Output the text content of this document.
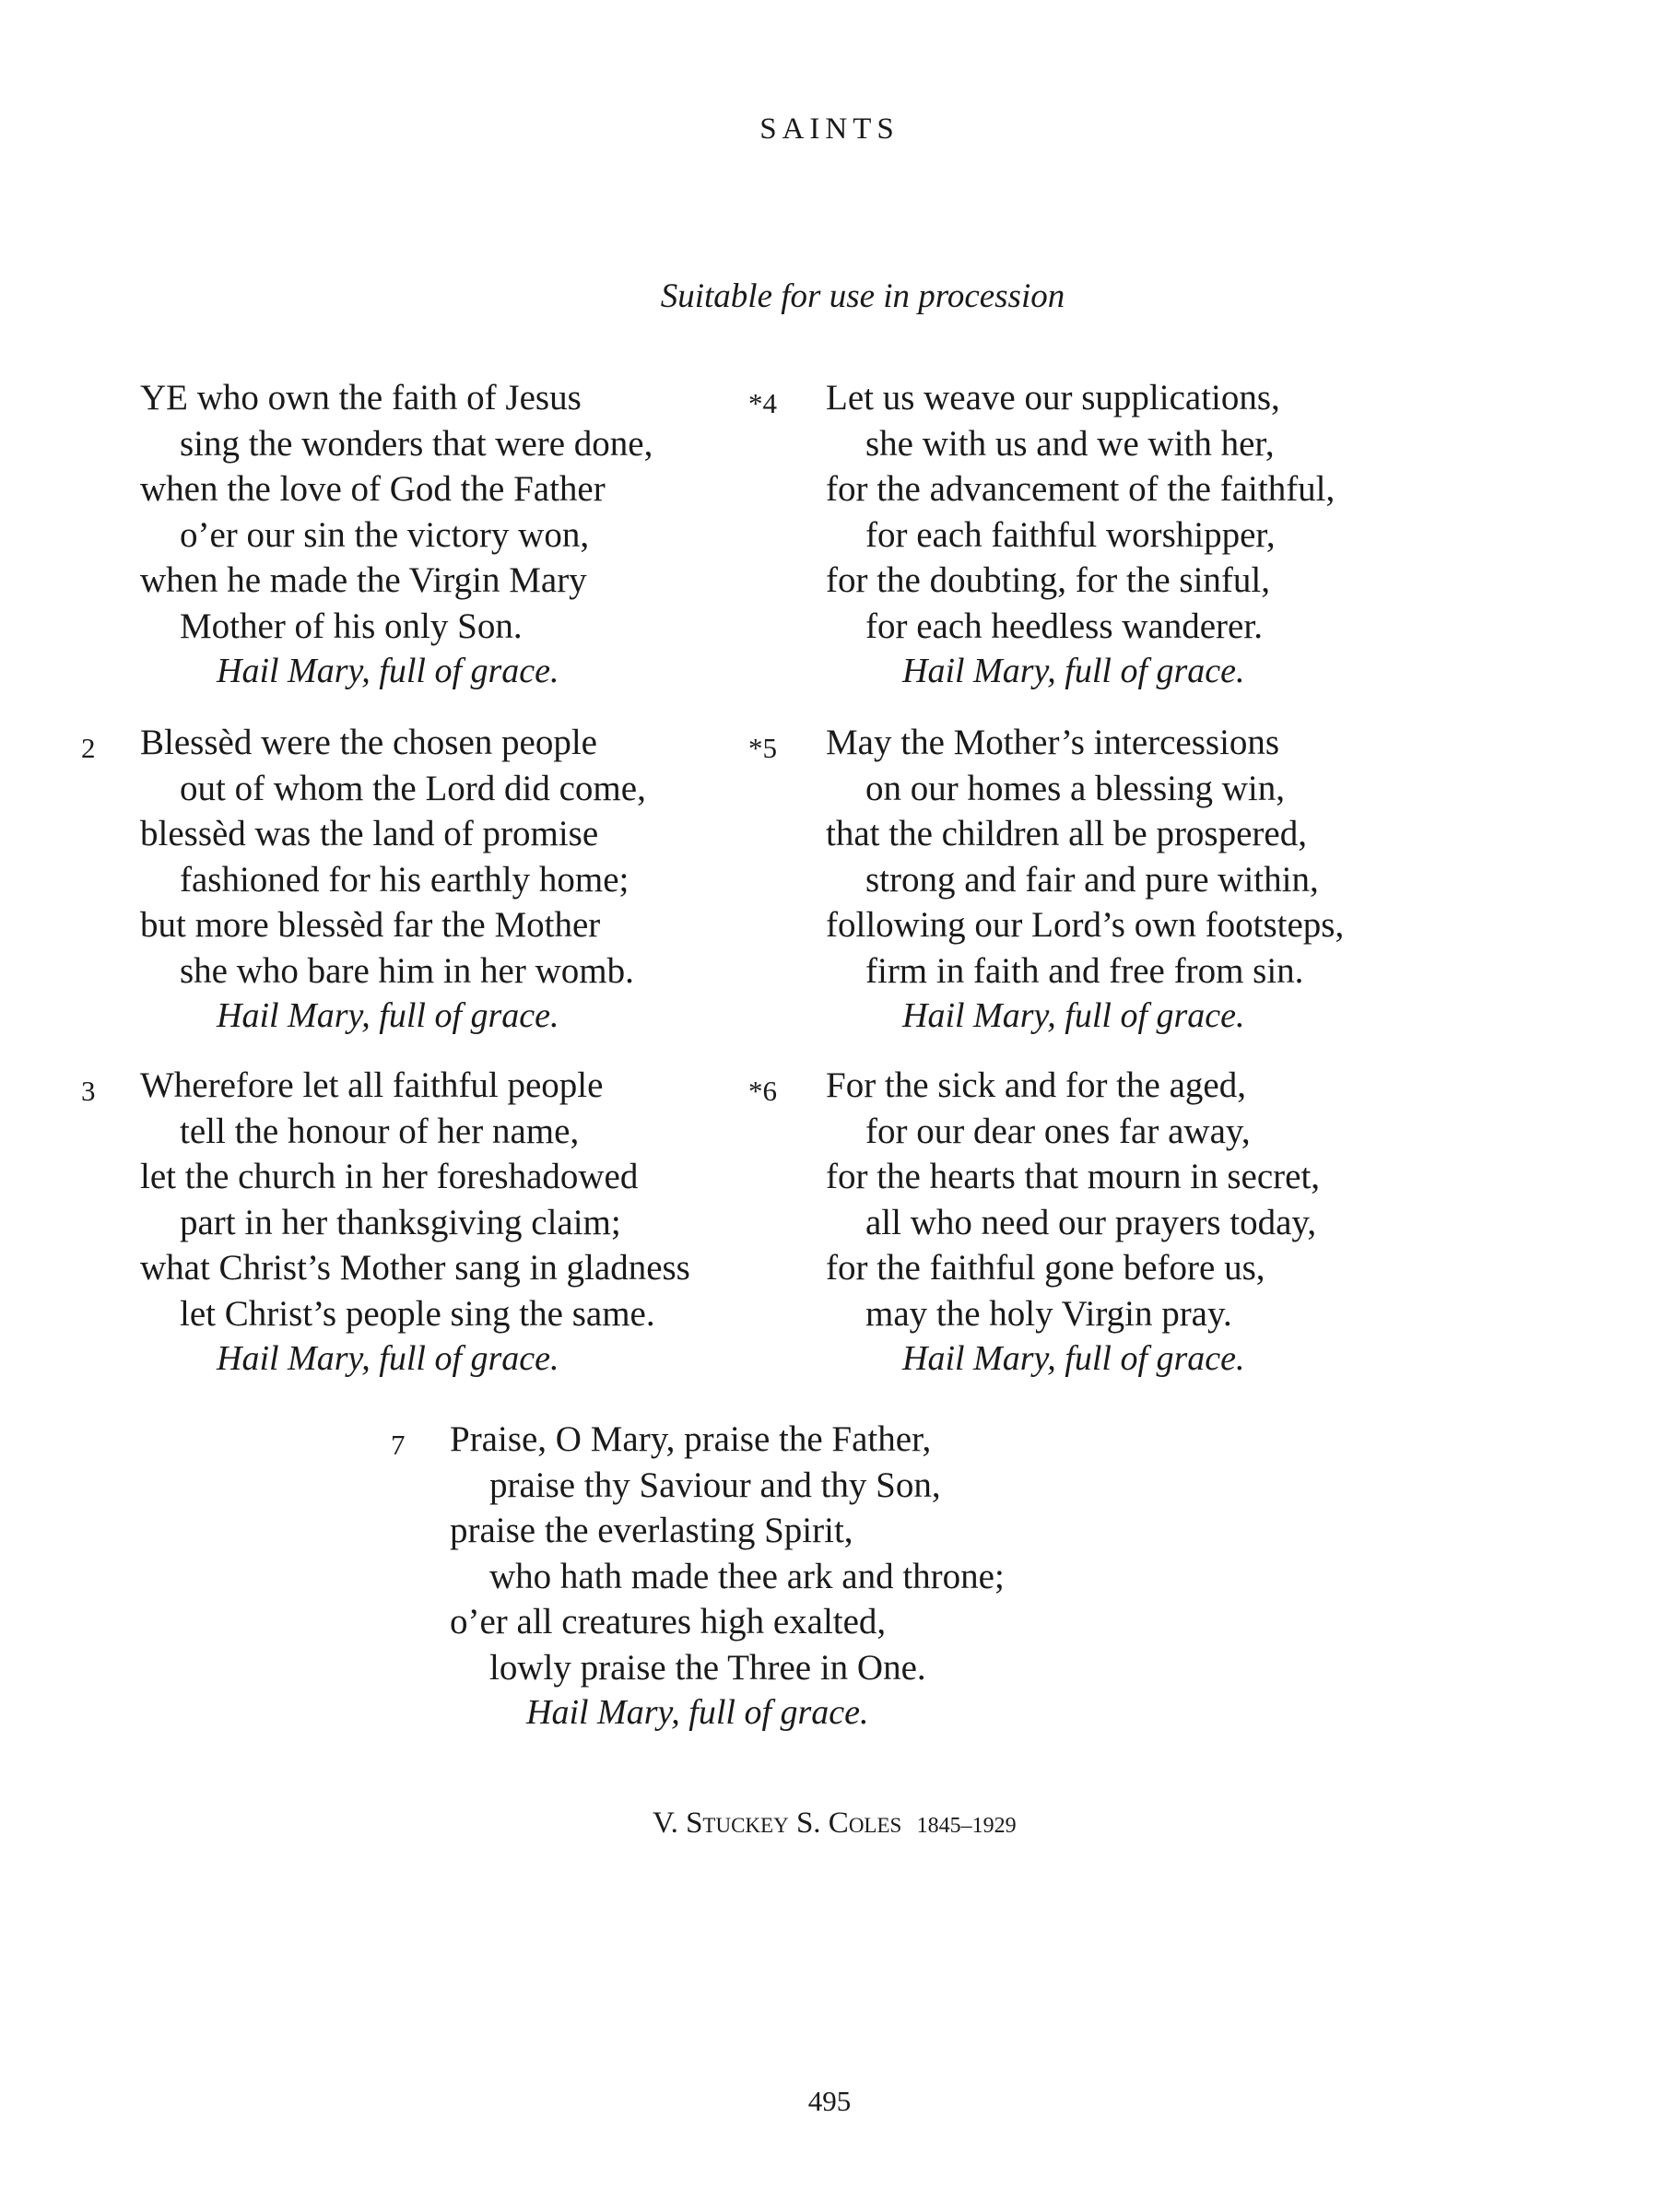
SAINTS
Suitable for use in procession
YE who own the faith of Jesus
sing the wonders that were done,
when the love of God the Father
o’er our sin the victory won,
when he made the Virgin Mary
Mother of his only Son.
Hail Mary, full of grace.
2 Blessèd were the chosen people
out of whom the Lord did come,
blessèd was the land of promise
fashioned for his earthly home;
but more blessèd far the Mother
she who bare him in her womb.
Hail Mary, full of grace.
3 Wherefore let all faithful people
tell the honour of her name,
let the church in her foreshadowed
part in her thanksgiving claim;
what Christ’s Mother sang in gladness
let Christ’s people sing the same.
Hail Mary, full of grace.
*4 Let us weave our supplications,
she with us and we with her,
for the advancement of the faithful,
for each faithful worshipper,
for the doubting, for the sinful,
for each heedless wanderer.
Hail Mary, full of grace.
*5 May the Mother’s intercessions
on our homes a blessing win,
that the children all be prospered,
strong and fair and pure within,
following our Lord’s own footsteps,
firm in faith and free from sin.
Hail Mary, full of grace.
*6 For the sick and for the aged,
for our dear ones far away,
for the hearts that mourn in secret,
all who need our prayers today,
for the faithful gone before us,
may the holy Virgin pray.
Hail Mary, full of grace.
7 Praise, O Mary, praise the Father,
praise thy Saviour and thy Son,
praise the everlasting Spirit,
who hath made thee ark and throne;
o’er all creatures high exalted,
lowly praise the Three in One.
Hail Mary, full of grace.
V. Stuckey S. Coles 1845–1929
495
